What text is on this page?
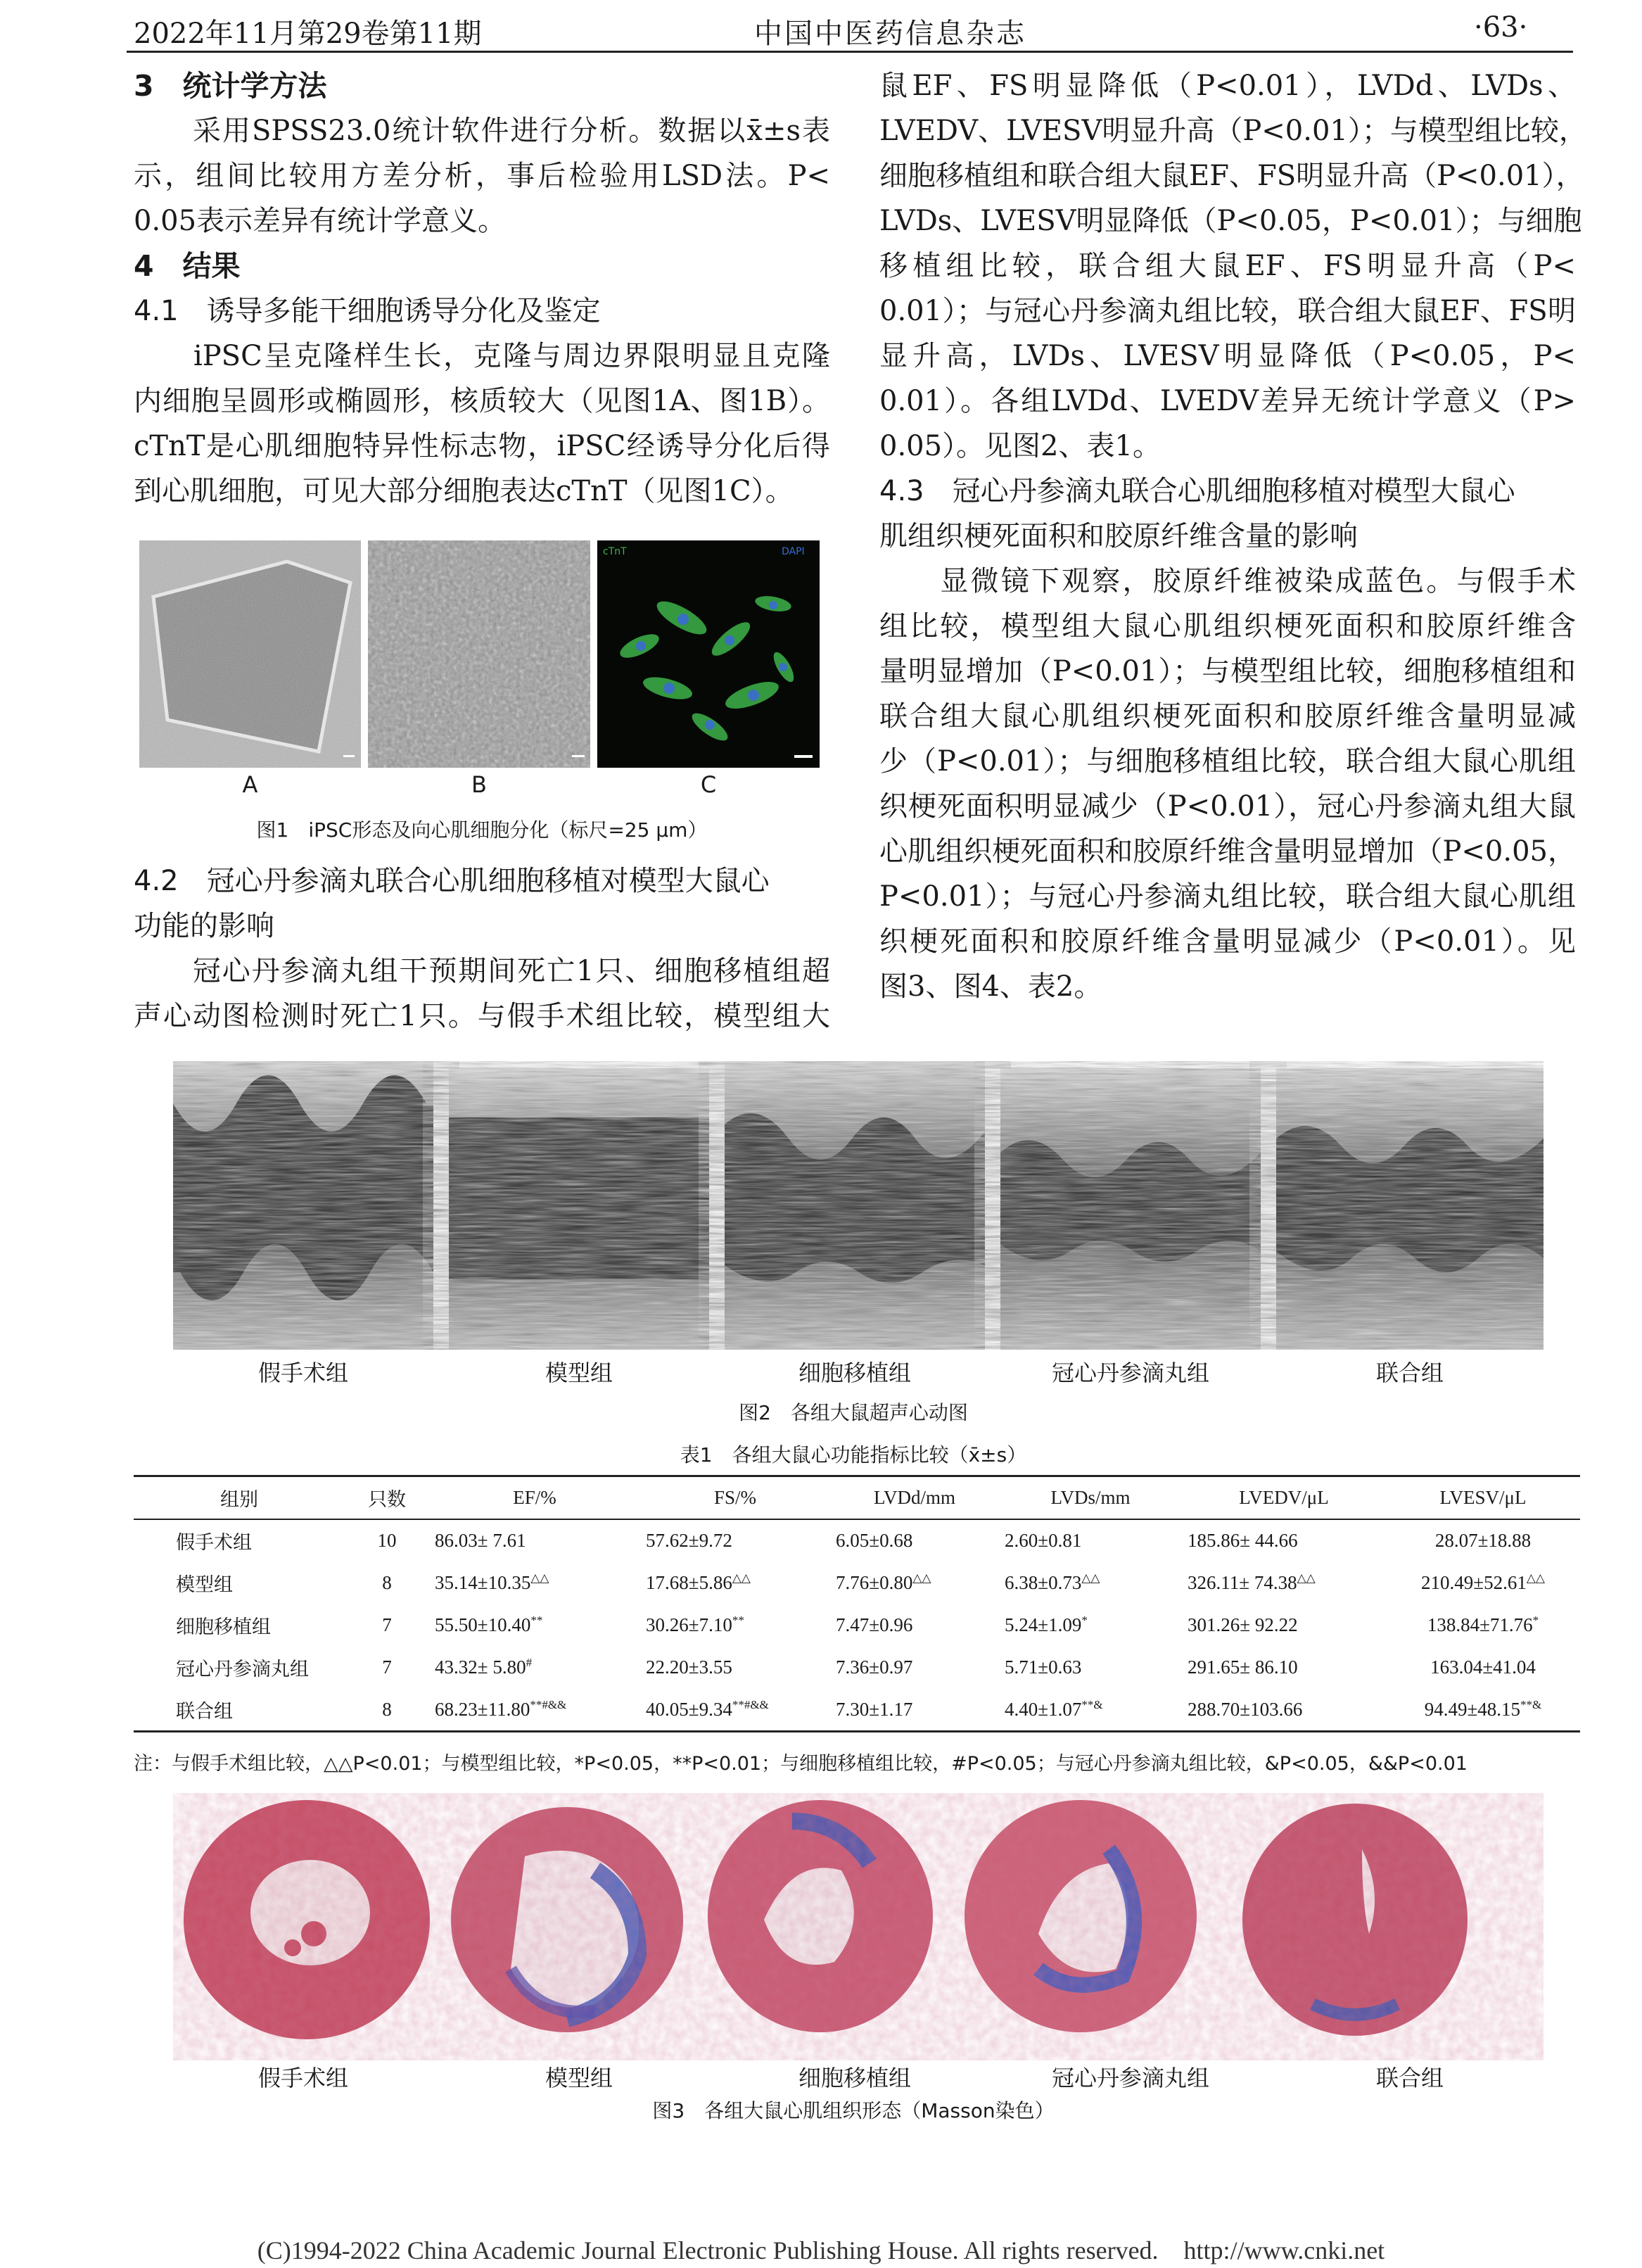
2022年11月第29卷第11期	中国中医药信息杂志	·63·
3　统计学方法
　　采用SPSS23.0统计软件进行分析。数据以x̄±s表
示，组间比较用方差分析，事后检验用LSD法。P<
0.05表示差异有统计学意义。
4　结果
4.1　诱导多能干细胞诱导分化及鉴定
　　iPSC呈克隆样生长，克隆与周边界限明显且克隆
内细胞呈圆形或椭圆形，核质较大（见图1A、图1B）。
cTnT是心肌细胞特异性标志物，iPSC经诱导分化后得
到心肌细胞，可见大部分细胞表达cTnT（见图1C）。
cTnT	DAPI
A	B	C
图1　iPSC形态及向心肌细胞分化（标尺=25 μm）
4.2　冠心丹参滴丸联合心肌细胞移植对模型大鼠心
功能的影响
　　冠心丹参滴丸组干预期间死亡1只、细胞移植组超
声心动图检测时死亡1只。与假手术组比较，模型组大
鼠EF、FS明显降低（P<0.01），LVDd、LVDs、
LVEDV、LVESV明显升高（P<0.01）；与模型组比较，
细胞移植组和联合组大鼠EF、FS明显升高（P<0.01），
LVDs、LVESV明显降低（P<0.05，P<0.01）；与细胞
移植组比较，联合组大鼠EF、FS明显升高（P<
0.01）；与冠心丹参滴丸组比较，联合组大鼠EF、FS明
显升高，LVDs、LVESV明显降低（P<0.05，P<
0.01）。各组LVDd、LVEDV差异无统计学意义（P>
0.05）。见图2、表1。
4.3　冠心丹参滴丸联合心肌细胞移植对模型大鼠心
肌组织梗死面积和胶原纤维含量的影响
　　显微镜下观察，胶原纤维被染成蓝色。与假手术
组比较，模型组大鼠心肌组织梗死面积和胶原纤维含
量明显增加（P<0.01）；与模型组比较，细胞移植组和
联合组大鼠心肌组织梗死面积和胶原纤维含量明显减
少（P<0.01）；与细胞移植组比较，联合组大鼠心肌组
织梗死面积明显减少（P<0.01），冠心丹参滴丸组大鼠
心肌组织梗死面积和胶原纤维含量明显增加（P<0.05，
P<0.01）；与冠心丹参滴丸组比较，联合组大鼠心肌组
织梗死面积和胶原纤维含量明显减少（P<0.01）。见
图3、图4、表2。
假手术组	模型组	细胞移植组	冠心丹参滴丸组	联合组
图2　各组大鼠超声心动图
表1　各组大鼠心功能指标比较（x̄±s）
组别	只数	EF/%	FS/%	LVDd/mm	LVDs/mm	LVEDV/μL	LVESV/μL
假手术组	10	86.03± 7.61	57.62±9.72	6.05±0.68	2.60±0.81	185.86± 44.66	28.07±18.88
模型组	8	35.14±10.35△△	17.68±5.86△△	7.76±0.80△△	6.38±0.73△△	326.11± 74.38△△	210.49±52.61△△
细胞移植组	7	55.50±10.40**	30.26±7.10**	7.47±0.96	5.24±1.09*	301.26± 92.22	138.84±71.76*
冠心丹参滴丸组	7	43.32± 5.80#	22.20±3.55	7.36±0.97	5.71±0.63	291.65± 86.10	163.04±41.04
联合组	8	68.23±11.80**#&&	40.05±9.34**#&&	7.30±1.17	4.40±1.07**&	288.70±103.66	94.49±48.15**&
注：与假手术组比较，△△P<0.01；与模型组比较，*P<0.05，**P<0.01；与细胞移植组比较，#P<0.05；与冠心丹参滴丸组比较，&P<0.05，&&P<0.01
假手术组	模型组	细胞移植组	冠心丹参滴丸组	联合组
图3　各组大鼠心肌组织形态（Masson染色）
(C)1994-2022 China Academic Journal Electronic Publishing House. All rights reserved.　http://www.cnki.net
